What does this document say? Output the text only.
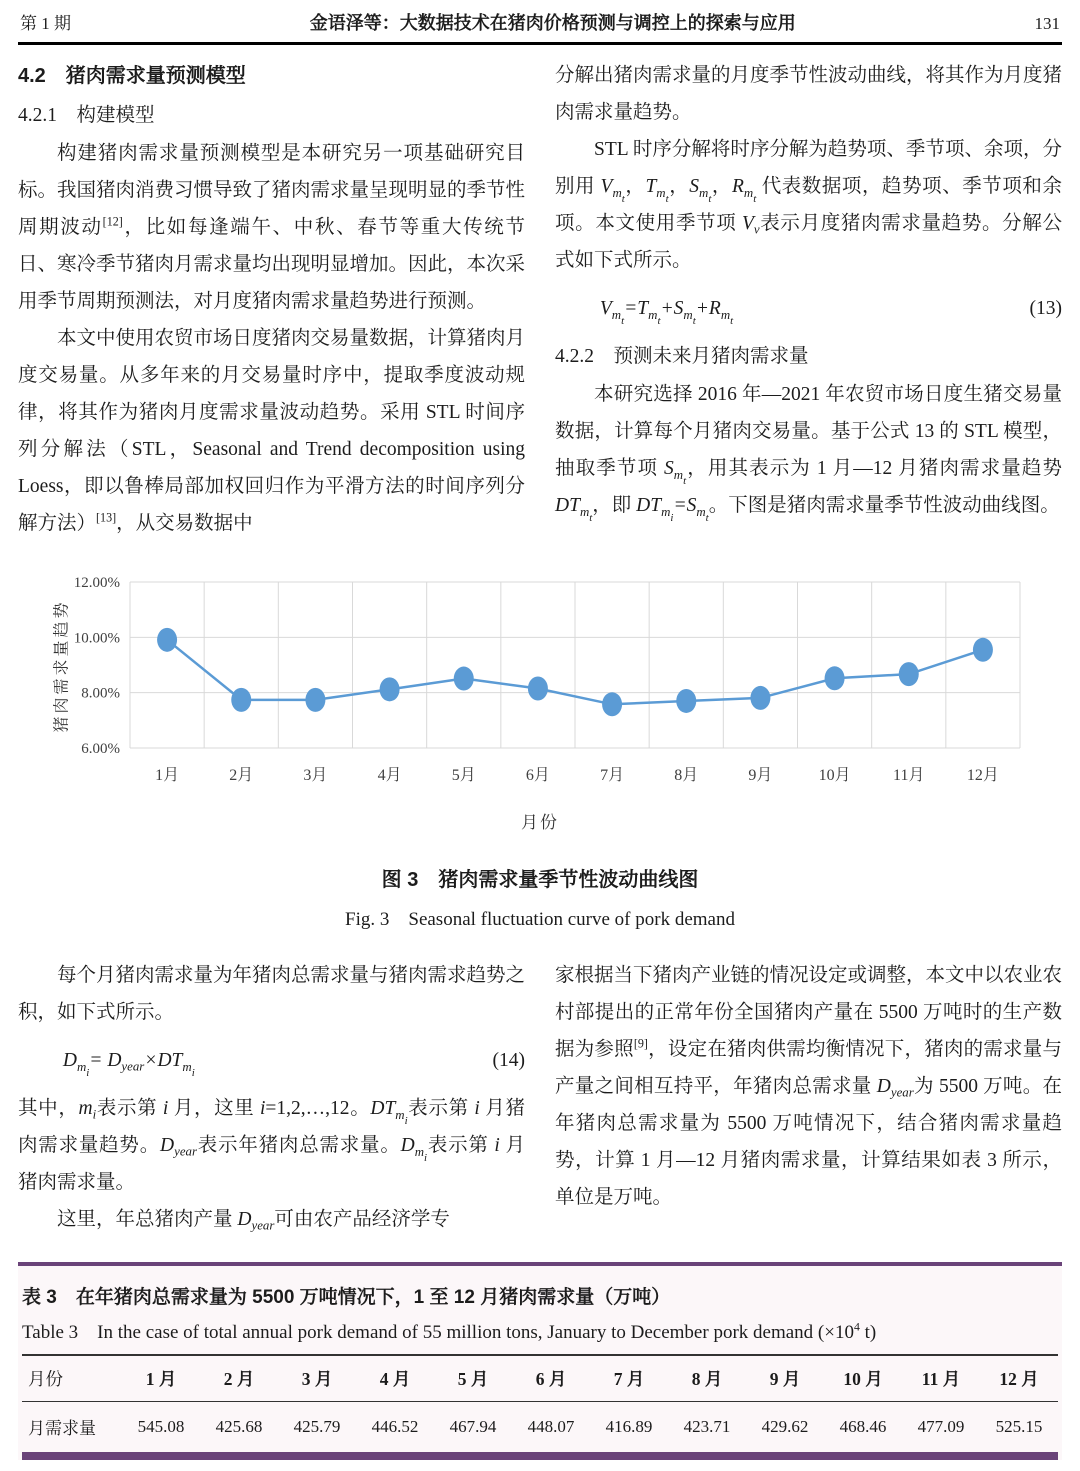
第 1 期	金语泽等：大数据技术在猪肉价格预测与调控上的探索与应用	131
4.2　猪肉需求量预测模型
4.2.1　构建模型

构建猪肉需求量预测模型是本研究另一项基础研究目标。我国猪肉消费习惯导致了猪肉需求量呈现明显的季节性周期波动[12]，比如每逢端午、中秋、春节等重大传统节日、寒冷季节猪肉月需求量均出现明显增加。因此，本次采用季节周期预测法，对月度猪肉需求量趋势进行预测。

本文中使用农贸市场日度猪肉交易量数据，计算猪肉月度交易量。从多年来的月交易量时序中，提取季度波动规律，将其作为猪肉月度需求量波动趋势。采用 STL 时间序列分解法（STL，Seasonal and Trend decomposition using Loess，即以鲁棒局部加权回归作为平滑方法的时间序列分解方法）[13]，从交易数据中

分解出猪肉需求量的月度季节性波动曲线，将其作为月度猪肉需求量趋势。

STL 时序分解将时序分解为趋势项、季节项、余项，分别用 $V_{m_t}$，$T_{m_t}$，$S_{m_t}$，$R_{m_t}$ 代表数据项，趋势项、季节项和余项。本文使用季节项 $V_v$表示月度猪肉需求量趋势。分解公式如下式所示。

$V_{m_t}=T_{m_t}+S_{m_t}+R_{m_t}$
(13)
4.2.2　预测未来月猪肉需求量

本研究选择 2016 年—2021 年农贸市场日度生猪交易量数据，计算每个月猪肉交易量。基于公式 13 的 STL 模型，抽取季节项 $S_{m_t}$，用其表示为 1 月—12 月猪肉需求量趋势 $DT_{m_t}$，即 $DT_{m_i}=S_{m_t}$。下图是猪肉需求量季节性波动曲线图。

猪肉需求量趋势
6.00%
8.00%
10.00%
12.00%
1月	2月	3月	4月	5月	6月	7月	8月	9月	10月	11月	12月
月份
图 3　猪肉需求量季节性波动曲线图
Fig. 3　Seasonal fluctuation curve of pork demand

每个月猪肉需求量为年猪肉总需求量与猪肉需求趋势之积，如下式所示。

$D_{m_i}= D_{year}\times DT_{m_i}$
(14)

其中，$m_i$表示第 i 月，这里 i=1,2,…,12。$DT_{m_i}$表示第 i 月猪肉需求量趋势。$D_{year}$表示年猪肉总需求量。$D_{m_i}$表示第 i 月猪肉需求量。

这里，年总猪肉产量 $D_{year}$可由农产品经济学专

家根据当下猪肉产业链的情况设定或调整，本文中以农业农村部提出的正常年份全国猪肉产量在 5500 万吨时的生产数据为参照[9]，设定在猪肉供需均衡情况下，猪肉的需求量与产量之间相互持平，年猪肉总需求量 $D_{year}$为 5500 万吨。在年猪肉总需求量为 5500 万吨情况下，结合猪肉需求量趋势，计算 1 月—12 月猪肉需求量，计算结果如表 3 所示，单位是万吨。

表 3　在年猪肉总需求量为 5500 万吨情况下，1 至 12 月猪肉需求量（万吨）
Table 3　In the case of total annual pork demand of 55 million tons, January to December pork demand (×10$^4$ t)
月份	1 月	2 月	3 月	4 月	5 月	6 月	7 月	8 月	9 月	10 月	11 月	12 月
月需求量	545.08	425.68	425.79	446.52	467.94	448.07	416.89	423.71	429.62	468.46	477.09	525.15
